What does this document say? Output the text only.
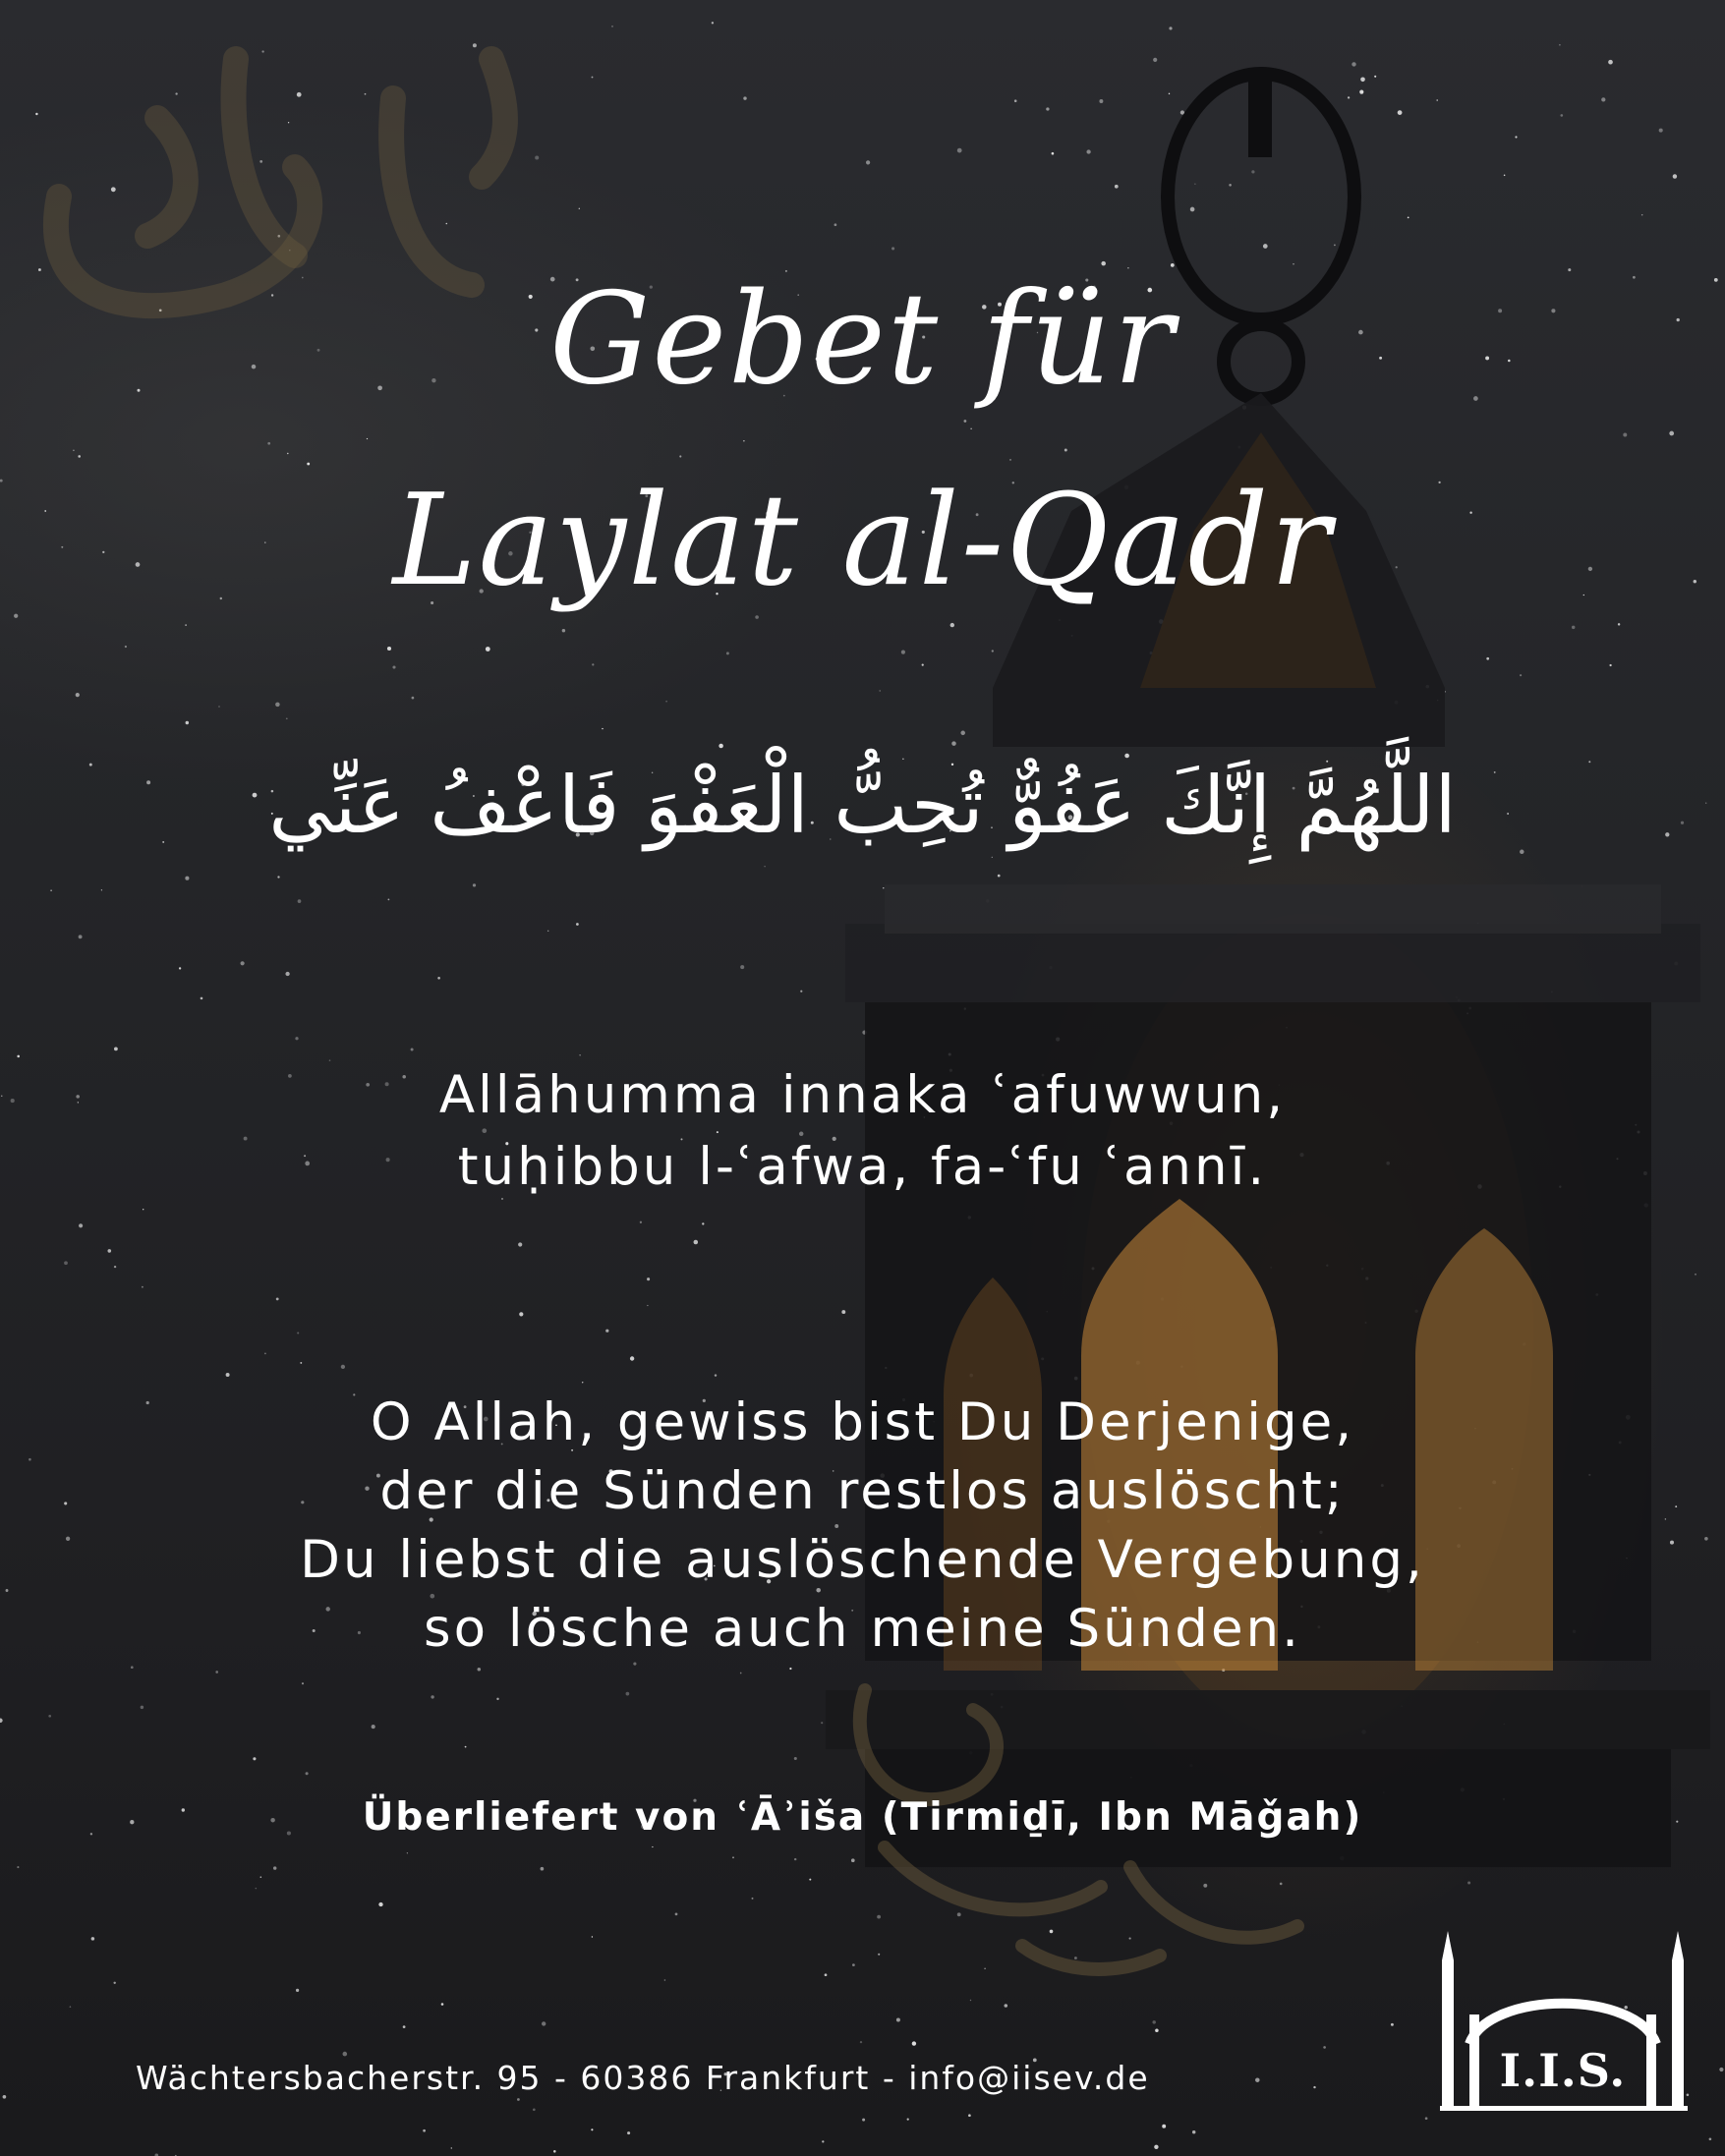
Gebet für
Laylat al-Qadr
اللَّهُمَّ إِنَّكَ عَفُوٌّ تُحِبُّ الْعَفْوَ فَاعْفُ عَنِّي
Allāhumma innaka ʿafuwwun,
tuḥibbu l-ʿafwa, fa-ʿfu ʿannī.
O Allah, gewiss bist Du Derjenige,
der die Sünden restlos auslöscht;
Du liebst die auslöschende Vergebung,
so lösche auch meine Sünden.
Überliefert von ʿĀʾiša (Tirmiḏī, Ibn Māǧah)
Wächtersbacherstr. 95 - 60386 Frankfurt - info@iisev.de	I.I.S.
